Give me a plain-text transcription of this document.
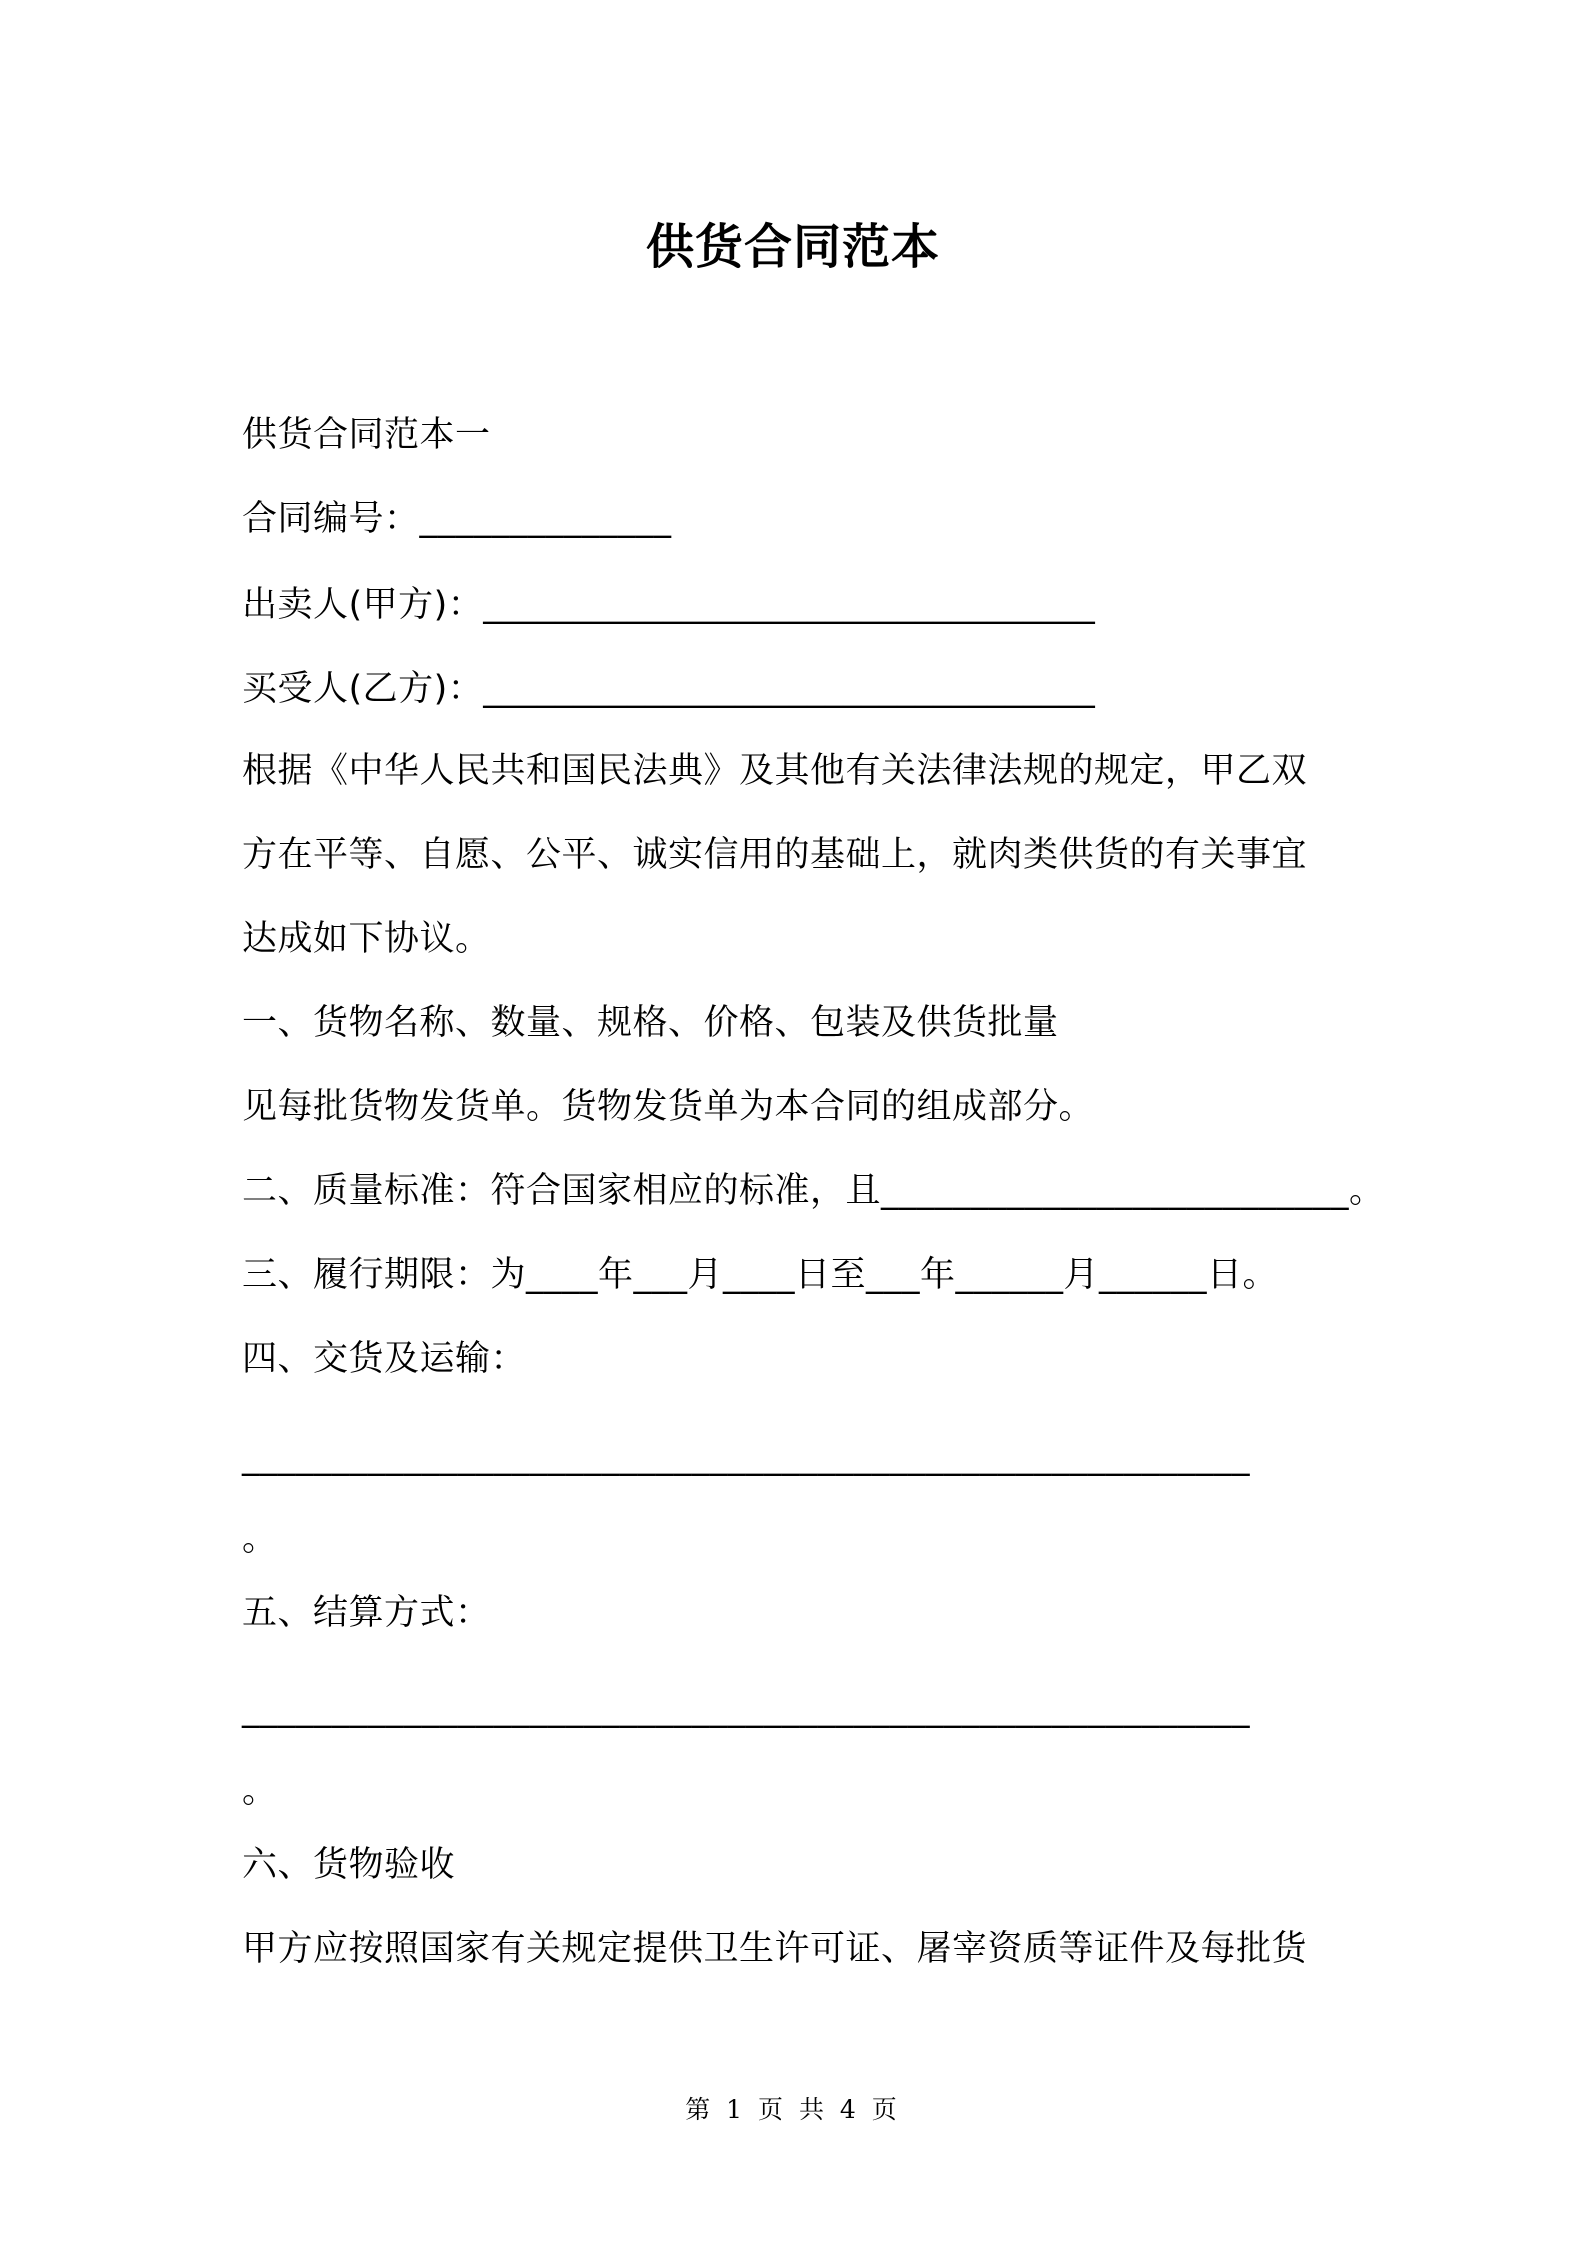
供货合同范本
供货合同范本一
合同编号：______________
出卖人(甲方)：__________________________________
买受人(乙方)：__________________________________
根据《中华人民共和国民法典》及其他有关法律法规的规定，甲乙双
方在平等、自愿、公平、诚实信用的基础上，就肉类供货的有关事宜
达成如下协议。
一、货物名称、数量、规格、价格、包装及供货批量
见每批货物发货单。货物发货单为本合同的组成部分。
二、质量标准：符合国家相应的标准，且__________________________。
三、履行期限：为____年___月____日至___年______月______日。
四、交货及运输：
________________________________________________________
。
五、结算方式：
________________________________________________________
。
六、货物验收
甲方应按照国家有关规定提供卫生许可证、屠宰资质等证件及每批货
第 1 页 共 4 页
